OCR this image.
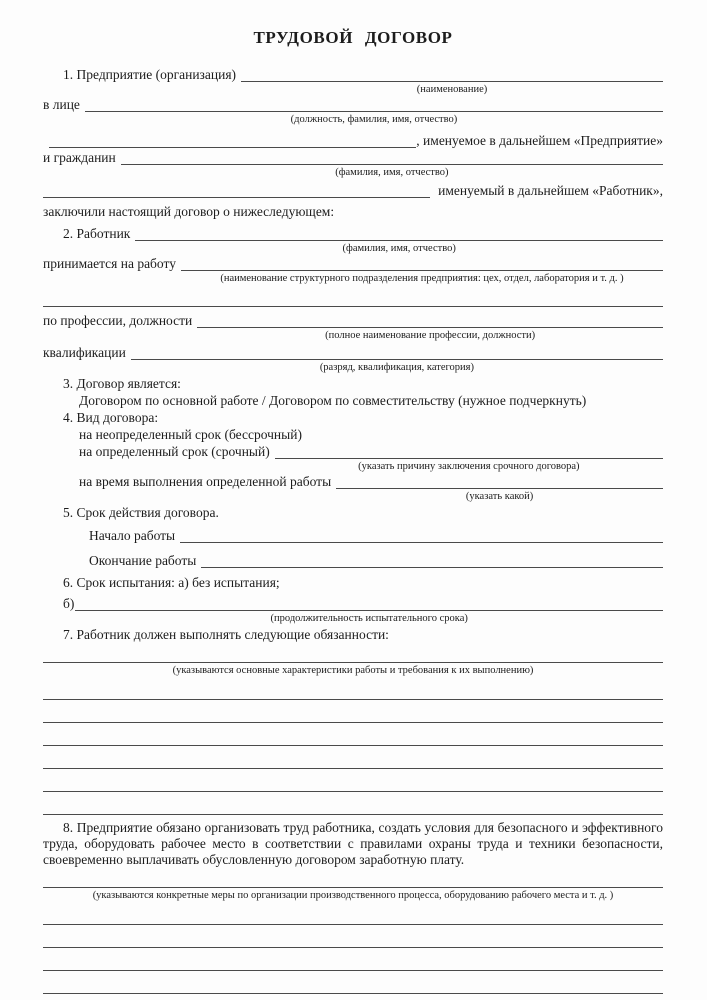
ТРУДОВОЙ ДОГОВОР
1. Предприятие (организация)
(наименование)
в лице
(должность, фамилия, имя, отчество)
, именуемое в дальнейшем «Предприятие»
и гражданин
(фамилия, имя, отчество)
именуемый в дальнейшем «Работник»,
заключили настоящий договор о нижеследующем:
2. Работник
(фамилия, имя, отчество)
принимается на работу
(наименование структурного подразделения предприятия: цех, отдел, лаборатория и т. д. )
по профессии, должности
(полное наименование профессии, должности)
квалификации
(разряд, квалификация, категория)
3. Договор является:
Договором по основной работе / Договором по совместительству (нужное подчеркнуть)
4. Вид договора:
на неопределенный срок (бессрочный)
на определенный срок (срочный)
(указать причину заключения срочного договора)
на время выполнения определенной работы
(указать какой)
5. Срок действия договора.
Начало работы
Окончание работы
6. Срок испытания: а) без испытания;
б)
(продолжительность испытательного срока)
7. Работник должен выполнять следующие обязанности:
(указываются основные характеристики работы и требования к их выполнению)

8. Предприятие обязано организовать труд работника, создать условия для безопасного и эффективного труда, оборудовать рабочее место в соответствии с правилами охраны труда и техники безопасности, своевременно выплачивать обусловленную договором заработную плату.

(указываются конкретные меры по организации производственного процесса, оборудованию рабочего места и т. д. )
